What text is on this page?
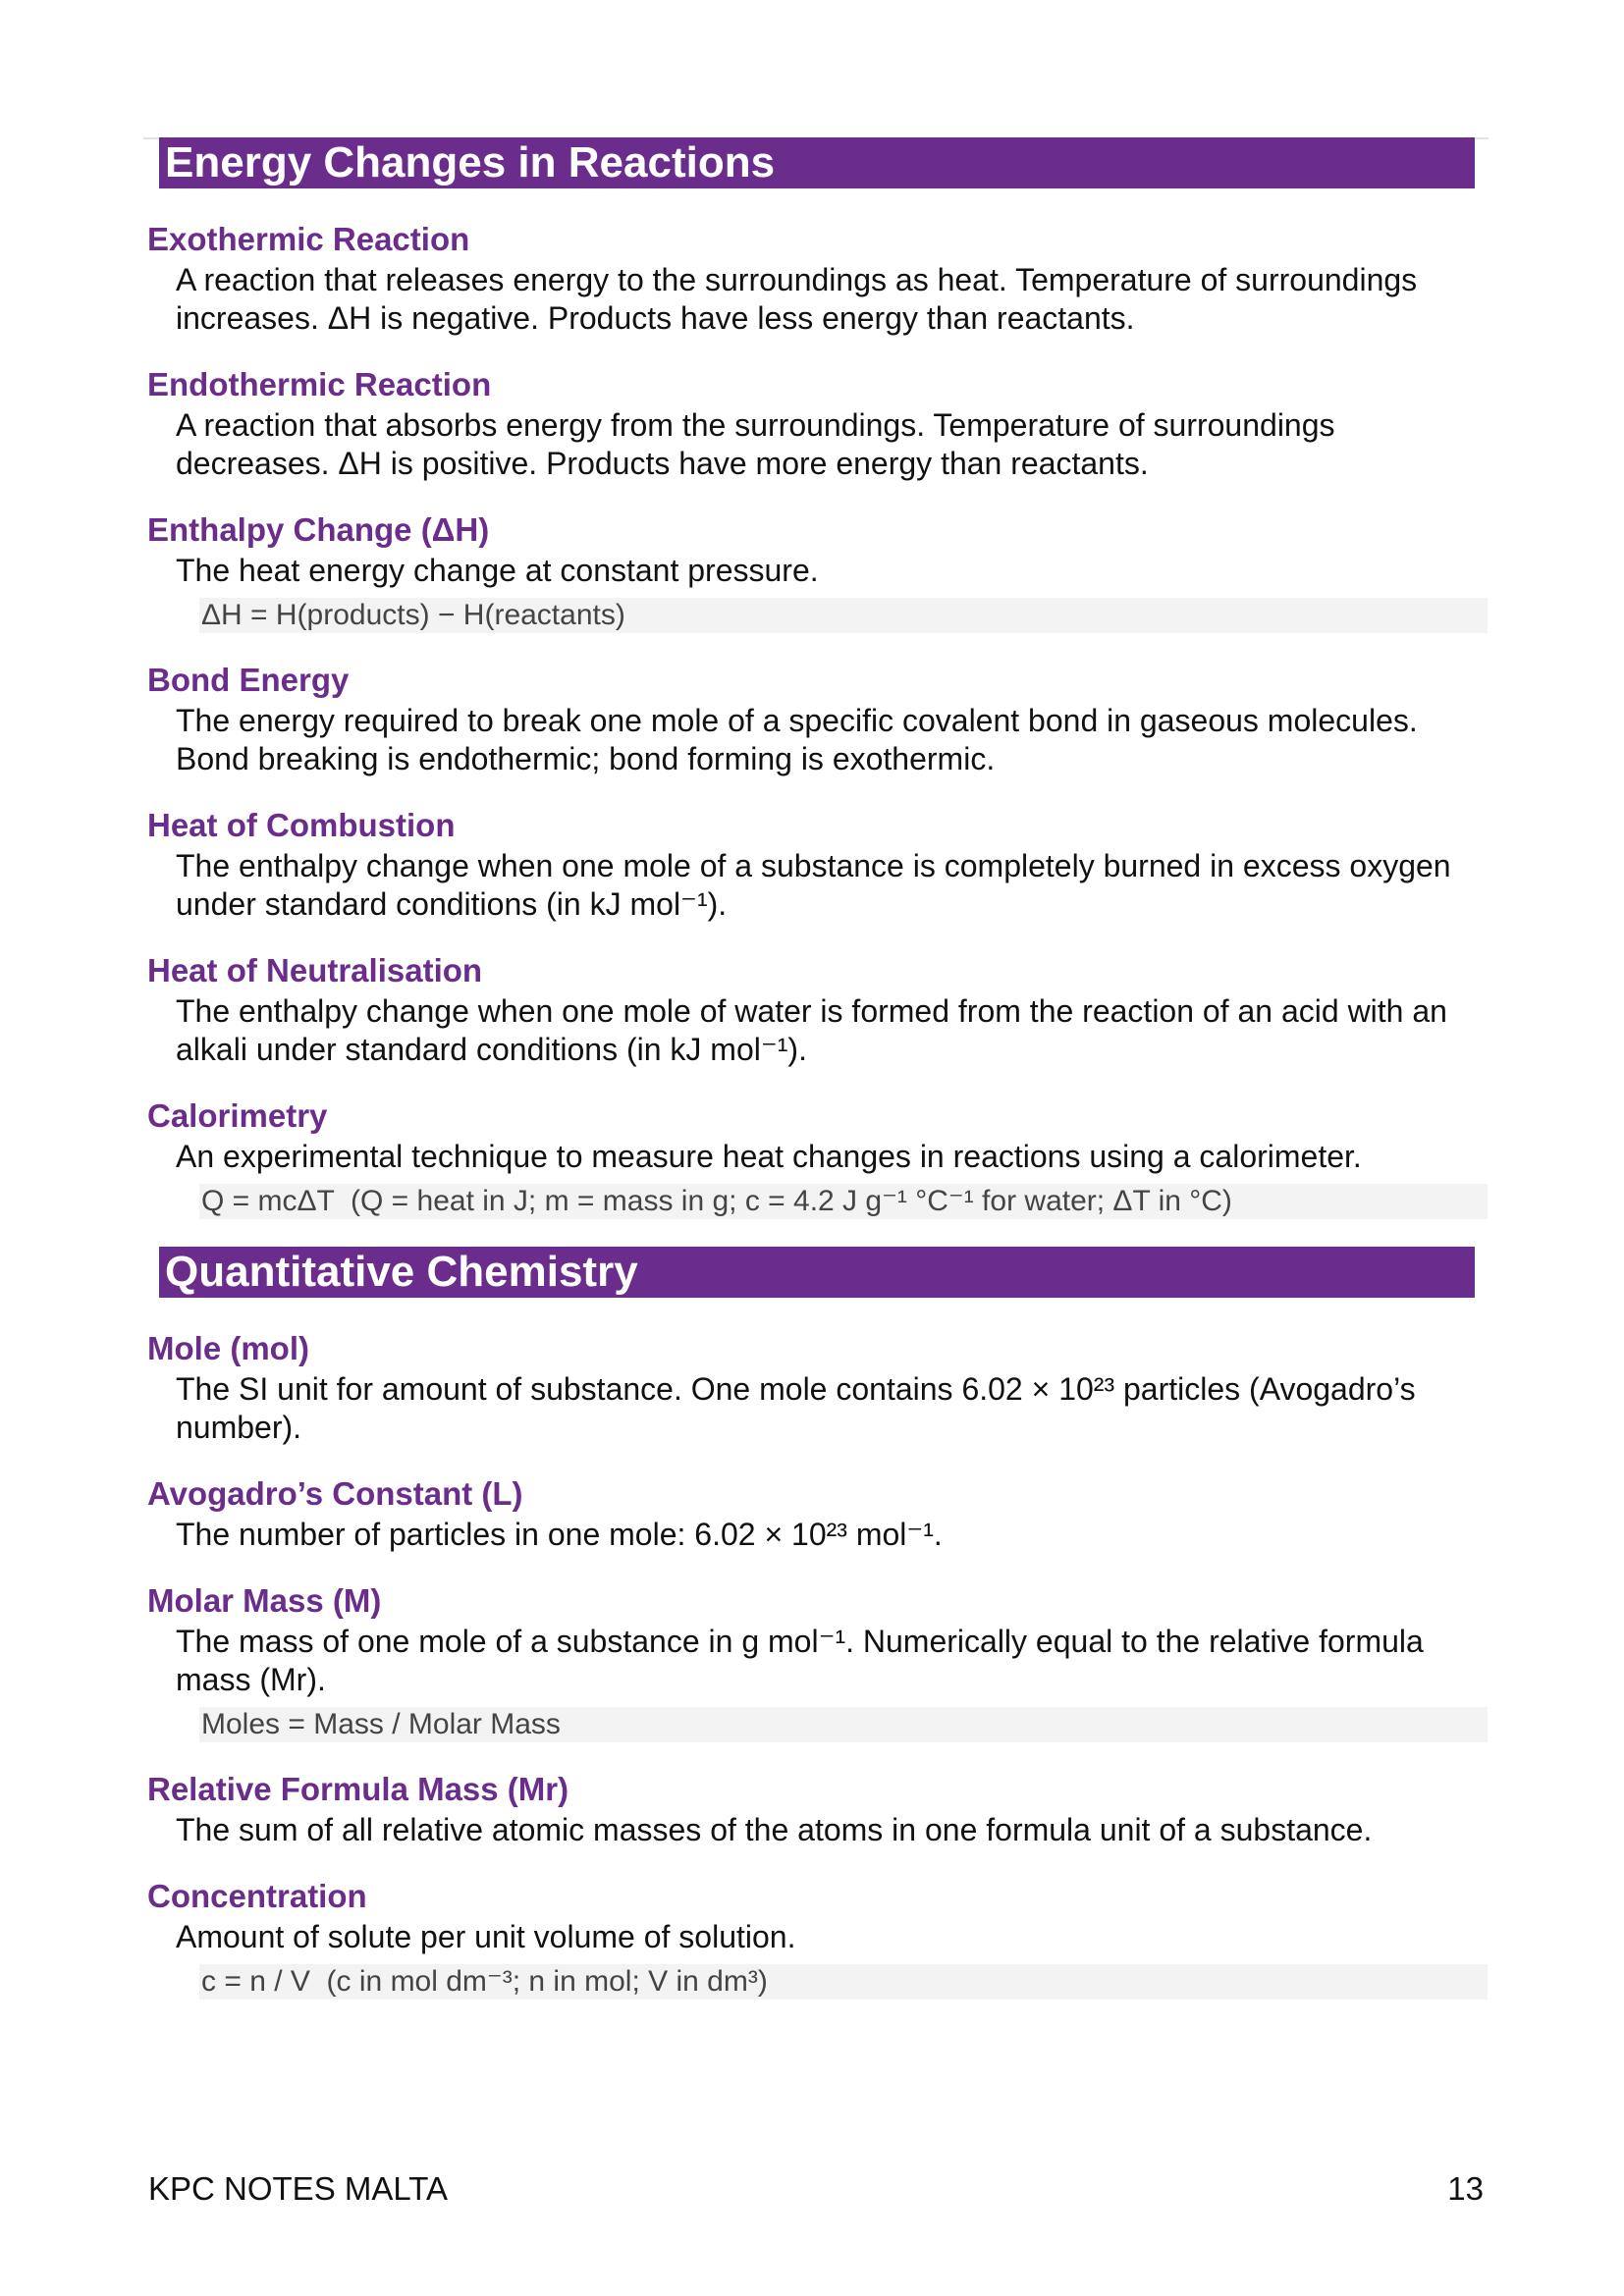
Energy Changes in Reactions
Exothermic Reaction
A reaction that releases energy to the surroundings as heat. Temperature of surroundings increases. ΔH is negative. Products have less energy than reactants.
Endothermic Reaction
A reaction that absorbs energy from the surroundings. Temperature of surroundings decreases. ΔH is positive. Products have more energy than reactants.
Enthalpy Change (ΔH)
The heat energy change at constant pressure.
ΔH = H(products) − H(reactants)
Bond Energy
The energy required to break one mole of a specific covalent bond in gaseous molecules. Bond breaking is endothermic; bond forming is exothermic.
Heat of Combustion
The enthalpy change when one mole of a substance is completely burned in excess oxygen under standard conditions (in kJ mol⁻¹).
Heat of Neutralisation
The enthalpy change when one mole of water is formed from the reaction of an acid with an alkali under standard conditions (in kJ mol⁻¹).
Calorimetry
An experimental technique to measure heat changes in reactions using a calorimeter.
Q = mcΔT  (Q = heat in J; m = mass in g; c = 4.2 J g⁻¹ °C⁻¹ for water; ΔT in °C)
Quantitative Chemistry
Mole (mol)
The SI unit for amount of substance. One mole contains 6.02 × 10²³ particles (Avogadro’s number).
Avogadro’s Constant (L)
The number of particles in one mole: 6.02 × 10²³ mol⁻¹.
Molar Mass (M)
The mass of one mole of a substance in g mol⁻¹. Numerically equal to the relative formula mass (Mr).
Moles = Mass / Molar Mass
Relative Formula Mass (Mr)
The sum of all relative atomic masses of the atoms in one formula unit of a substance.
Concentration
Amount of solute per unit volume of solution.
c = n / V  (c in mol dm⁻³; n in mol; V in dm³)
KPC NOTES MALTA	13
